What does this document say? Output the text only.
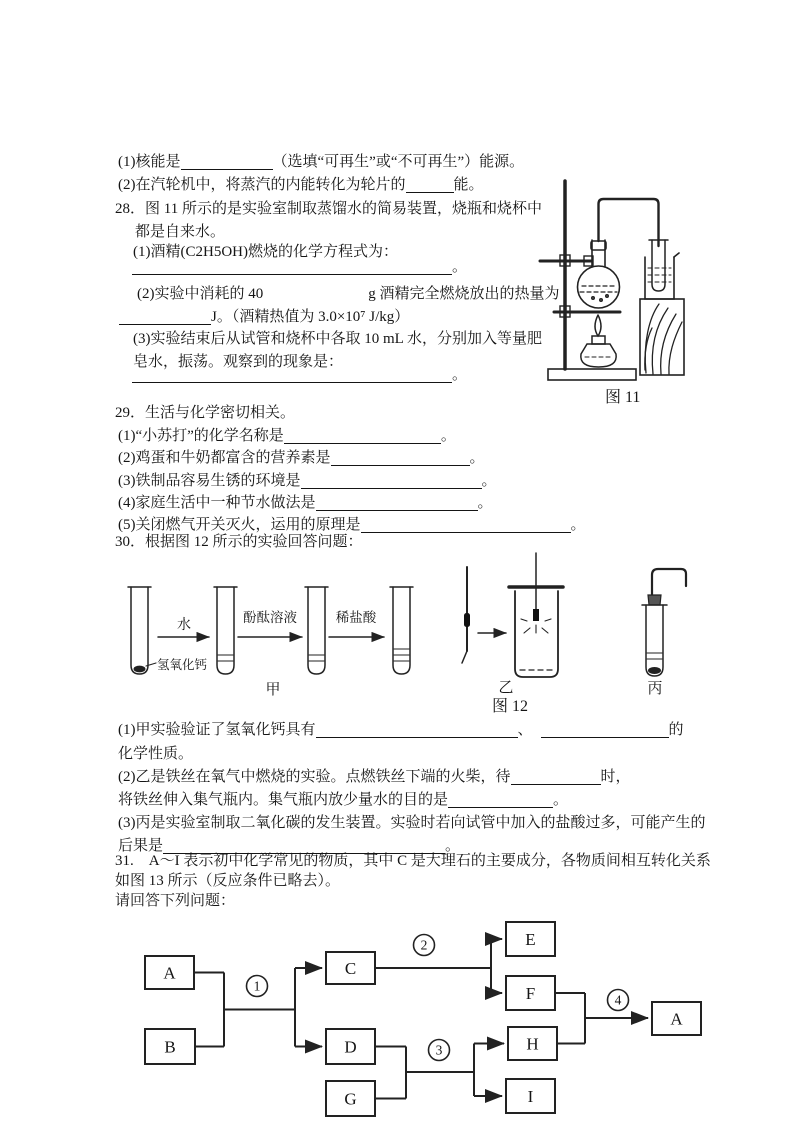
(1)核能是	（选填“可再生”或“不可再生”）能源。
(2)在汽轮机中，将蒸汽的内能转化为轮片的	能。
28．图 11 所示的是实验室制取蒸馏水的简易装置，烧瓶和烧杯中
都是自来水。
(1)酒精(C2H5OH)燃烧的化学方程式为：
。
(2)实验中消耗的 40	g 酒精完全燃烧放出的热量为
J。（酒精热值为 3.0×10⁷ J/kg）
(3)实验结束后从试管和烧杯中各取 10 mL 水，分别加入等量肥
皂水，振荡。观察到的现象是：
。
图 11
29．生活与化学密切相关。
(1)“小苏打”的化学名称是	。
(2)鸡蛋和牛奶都富含的营养素是	。
(3)铁制品容易生锈的环境是	。
(4)家庭生活中一种节水做法是	。
(5)关闭燃气开关灭火，运用的原理是	。
30．根据图 12 所示的实验回答问题：
水
酚酞溶液	稀盐酸
氢氧化钙
甲	乙	丙
图 12
(1)甲实验验证了氢氧化钙具有	、	的
化学性质。
(2)乙是铁丝在氧气中燃烧的实验。点燃铁丝下端的火柴，待	时，
将铁丝伸入集气瓶内。集气瓶内放少量水的目的是	。
(3)丙是实验室制取二氧化碳的发生装置。实验时若向试管中加入的盐酸过多，可能产生的
后果是	。
31.　A～I 表示初中化学常见的物质，其中 C 是大理石的主要成分，各物质间相互转化关系
如图 13 所示（反应条件已略去）。
请回答下列问题：
A
B
C
D
G
E
F
H
I
A
1
2
3
4
